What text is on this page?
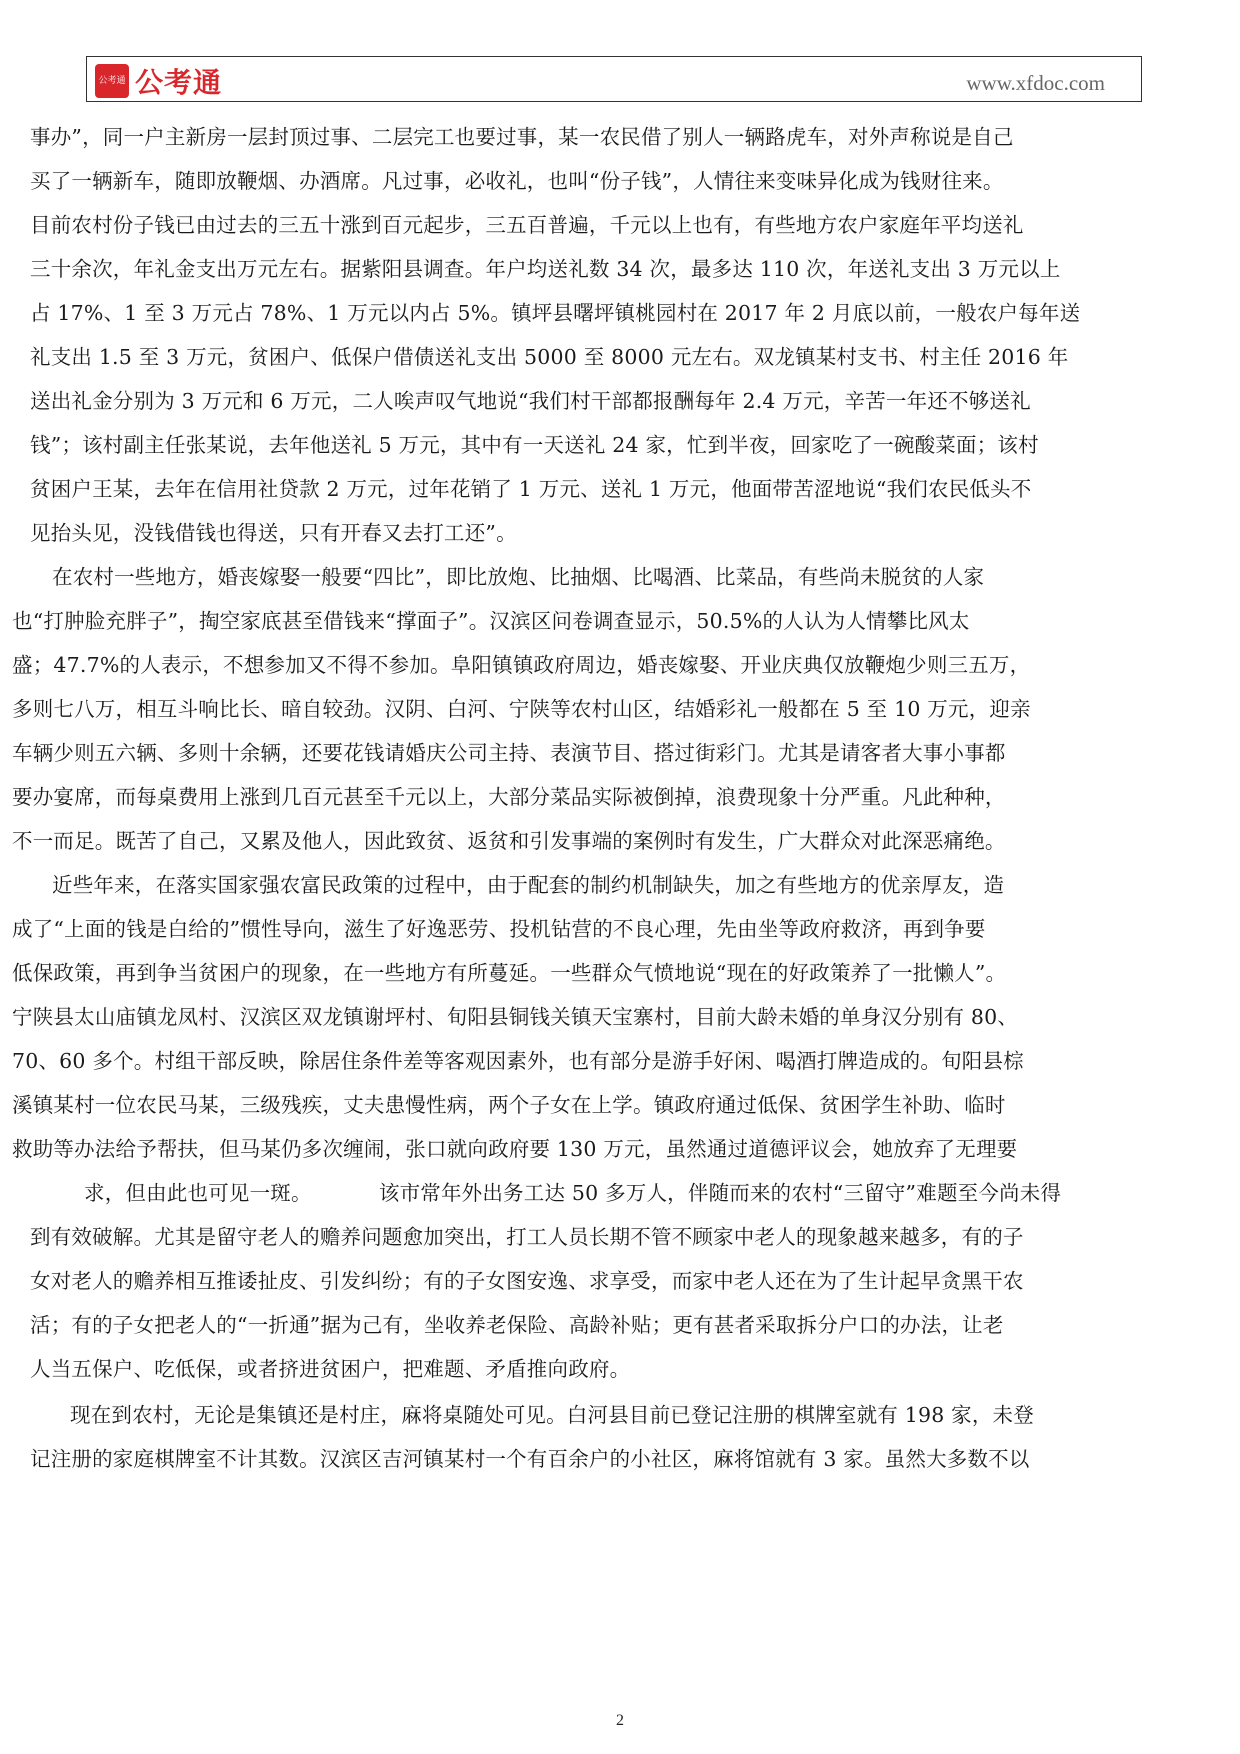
公考通 公考通	www.xfdoc.com
事办”，同一户主新房一层封顶过事、二层完工也要过事，某一农民借了别人一辆路虎车，对外声称说是自己
买了一辆新车，随即放鞭烟、办酒席。凡过事，必收礼，也叫“份子钱”，人情往来变味异化成为钱财往来。
目前农村份子钱已由过去的三五十涨到百元起步，三五百普遍，千元以上也有，有些地方农户家庭年平均送礼
三十余次，年礼金支出万元左右。据紫阳县调查。年户均送礼数 34 次，最多达 110 次，年送礼支出 3 万元以上
占 17%、1 至 3 万元占 78%、1 万元以内占 5%。镇坪县曙坪镇桃园村在 2017 年 2 月底以前，一般农户每年送
礼支出 1.5 至 3 万元，贫困户、低保户借债送礼支出 5000 至 8000 元左右。双龙镇某村支书、村主任 2016 年
送出礼金分别为 3 万元和 6 万元，二人唉声叹气地说“我们村干部都报酬每年 2.4 万元，辛苦一年还不够送礼
钱”；该村副主任张某说，去年他送礼 5 万元，其中有一天送礼 24 家，忙到半夜，回家吃了一碗酸菜面；该村
贫困户王某，去年在信用社贷款 2 万元，过年花销了 1 万元、送礼 1 万元，他面带苦涩地说“我们农民低头不
见抬头见，没钱借钱也得送，只有开春又去打工还”。
在农村一些地方，婚丧嫁娶一般要“四比”，即比放炮、比抽烟、比喝酒、比菜品，有些尚未脱贫的人家
也“打肿脸充胖子”，掏空家底甚至借钱来“撑面子”。汉滨区问卷调查显示，50.5%的人认为人情攀比风太
盛；47.7%的人表示，不想参加又不得不参加。阜阳镇镇政府周边，婚丧嫁娶、开业庆典仅放鞭炮少则三五万，
多则七八万，相互斗响比长、暗自较劲。汉阴、白河、宁陕等农村山区，结婚彩礼一般都在 5 至 10 万元，迎亲
车辆少则五六辆、多则十余辆，还要花钱请婚庆公司主持、表演节目、搭过街彩门。尤其是请客者大事小事都
要办宴席，而每桌费用上涨到几百元甚至千元以上，大部分菜品实际被倒掉，浪费现象十分严重。凡此种种，
不一而足。既苦了自己，又累及他人，因此致贫、返贫和引发事端的案例时有发生，广大群众对此深恶痛绝。
近些年来，在落实国家强农富民政策的过程中，由于配套的制约机制缺失，加之有些地方的优亲厚友，造
成了“上面的钱是白给的”惯性导向，滋生了好逸恶劳、投机钻营的不良心理，先由坐等政府救济，再到争要
低保政策，再到争当贫困户的现象，在一些地方有所蔓延。一些群众气愤地说“现在的好政策养了一批懒人”。
宁陕县太山庙镇龙凤村、汉滨区双龙镇谢坪村、旬阳县铜钱关镇天宝寨村，目前大龄未婚的单身汉分别有 80、
70、60 多个。村组干部反映，除居住条件差等客观因素外，也有部分是游手好闲、喝酒打牌造成的。旬阳县棕
溪镇某村一位农民马某，三级残疾，丈夫患慢性病，两个子女在上学。镇政府通过低保、贫困学生补助、临时
救助等办法给予帮扶，但马某仍多次缠闹，张口就向政府要 130 万元，虽然通过道德评议会，她放弃了无理要
求，但由此也可见一斑。          该市常年外出务工达 50 多万人，伴随而来的农村“三留守”难题至今尚未得
到有效破解。尤其是留守老人的赡养问题愈加突出，打工人员长期不管不顾家中老人的现象越来越多，有的子
女对老人的赡养相互推诿扯皮、引发纠纷；有的子女图安逸、求享受，而家中老人还在为了生计起早贪黑干农
活；有的子女把老人的“一折通”据为己有，坐收养老保险、高龄补贴；更有甚者采取拆分户口的办法，让老
人当五保户、吃低保，或者挤进贫困户，把难题、矛盾推向政府。
现在到农村，无论是集镇还是村庄，麻将桌随处可见。白河县目前已登记注册的棋牌室就有 198 家，未登
记注册的家庭棋牌室不计其数。汉滨区吉河镇某村一个有百余户的小社区，麻将馆就有 3 家。虽然大多数不以
2
